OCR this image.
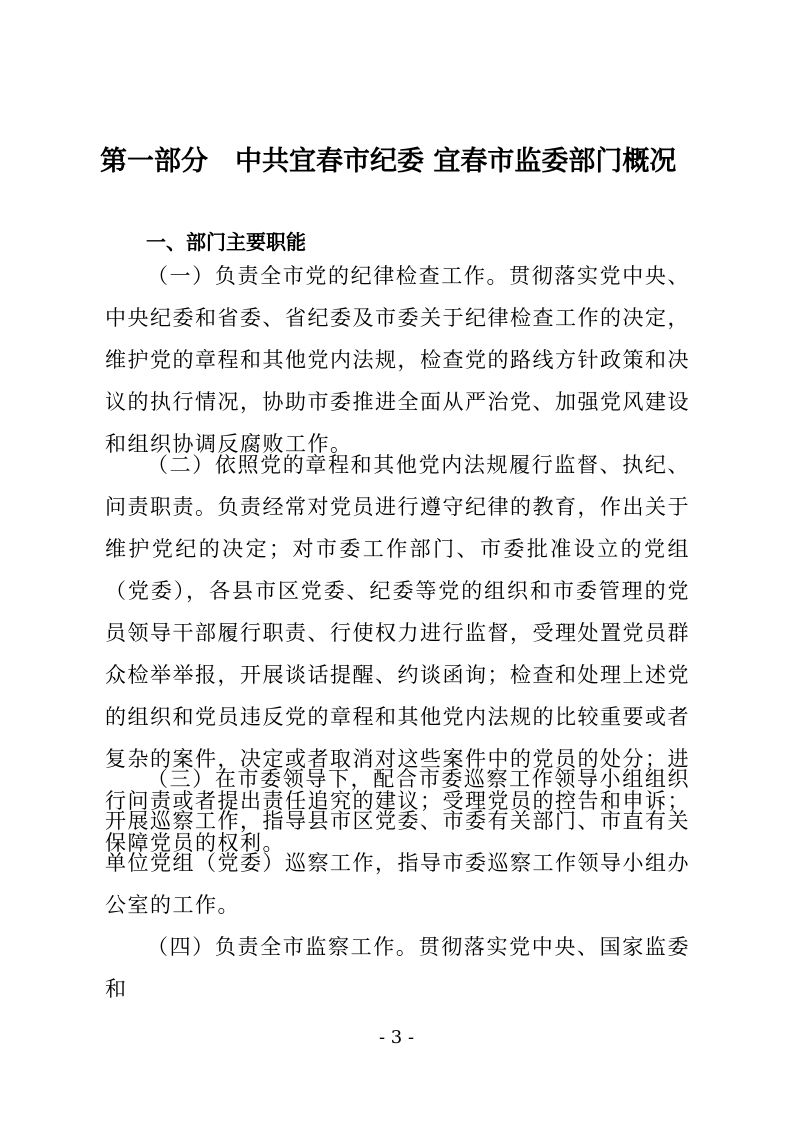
第一部分　中共宜春市纪委 宜春市监委部门概况
一、部门主要职能

（一）负责全市党的纪律检查工作。贯彻落实党中央、中央纪委和省委、省纪委及市委关于纪律检查工作的决定，维护党的章程和其他党内法规，检查党的路线方针政策和决议的执行情况，协助市委推进全面从严治党、加强党风建设和组织协调反腐败工作。

（二）依照党的章程和其他党内法规履行监督、执纪、问责职责。负责经常对党员进行遵守纪律的教育，作出关于维护党纪的决定；对市委工作部门、市委批准设立的党组（党委），各县市区党委、纪委等党的组织和市委管理的党员领导干部履行职责、行使权力进行监督，受理处置党员群众检举举报，开展谈话提醒、约谈函询；检查和处理上述党的组织和党员违反党的章程和其他党内法规的比较重要或者复杂的案件，决定或者取消对这些案件中的党员的处分；进行问责或者提出责任追究的建议；受理党员的控告和申诉；保障党员的权利。

（三）在市委领导下，配合市委巡察工作领导小组组织开展巡察工作，指导县市区党委、市委有关部门、市直有关单位党组（党委）巡察工作，指导市委巡察工作领导小组办公室的工作。

（四）负责全市监察工作。贯彻落实党中央、国家监委和

- 3 -
